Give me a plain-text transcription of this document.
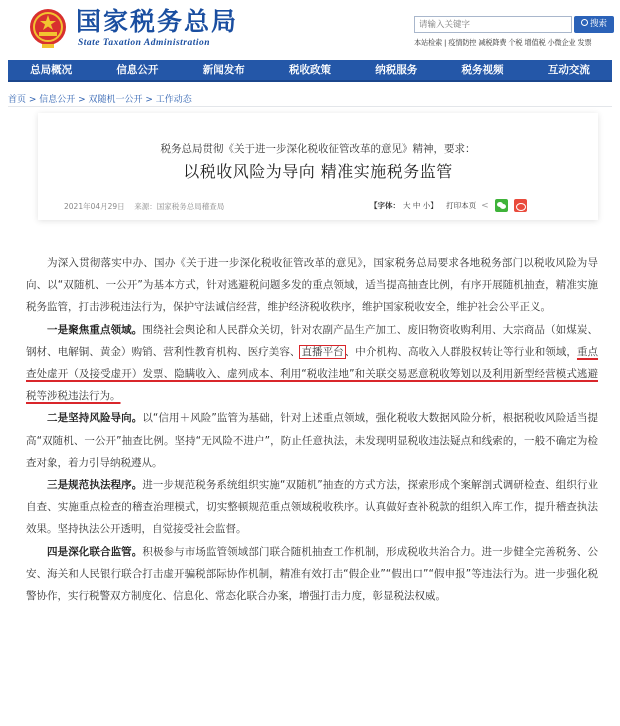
国家税务总局
State Taxation Administration
请输入关键字
搜索
本站检索 | 疫情防控 减税降费 个税 增值税 小微企业 发票
总局概况	信息公开	新闻发布	税收政策	纳税服务	税务视频	互动交流
首页 > 信息公开 > 双随机一公开 > 工作动态
税务总局贯彻《关于进一步深化税收征管改革的意见》精神，要求：
以税收风险为导向 精准实施税务监管
2021年04月29日 来源：国家税务总局稽查局	【字体： 大 中 小】
打印本页 <

为深入贯彻落实中办、国办《关于进一步深化税收征管改革的意见》，国家税务总局要求各地税务部门以税收风险为导向、以“双随机、一公开”为基本方式，针对逃避税问题多发的重点领域，适当提高抽查比例，有序开展随机抽查，精准实施税务监管，打击涉税违法行为，保护守法诚信经营，维护经济税收秩序，维护国家税收安全，维护社会公平正义。

一是聚焦重点领域。围绕社会舆论和人民群众关切，针对农副产品生产加工、废旧物资收购利用、大宗商品（如煤炭、钢材、电解铜、黄金）购销、营利性教育机构、医疗美容、直播平台、中介机构、高收入人群股权转让等行业和领域，重点查处虚开（及接受虚开）发票、隐瞒收入、虚列成本、利用“税收洼地”和关联交易恶意税收筹划以及利用新型经营模式逃避税等涉税违法行为。

二是坚持风险导向。以“信用＋风险”监管为基础，针对上述重点领域，强化税收大数据风险分析，根据税收风险适当提高“双随机、一公开”抽查比例。坚持“无风险不进户”，防止任意执法，未发现明显税收违法疑点和线索的，一般不确定为检查对象，着力引导纳税遵从。

三是规范执法程序。进一步规范税务系统组织实施“双随机”抽查的方式方法，探索形成个案解剖式调研检查、组织行业自查、实施重点检查的稽查治理模式，切实整顿规范重点领域税收秩序。认真做好查补税款的组织入库工作，提升稽查执法效果。坚持执法公开透明，自觉接受社会监督。

四是深化联合监管。积极参与市场监管领域部门联合随机抽查工作机制，形成税收共治合力。进一步健全完善税务、公安、海关和人民银行联合打击虚开骗税部际协作机制，精准有效打击“假企业”“假出口”“假申报”等违法行为。进一步强化税警协作，实行税警双方制度化、信息化、常态化联合办案，增强打击力度，彰显税法权威。
